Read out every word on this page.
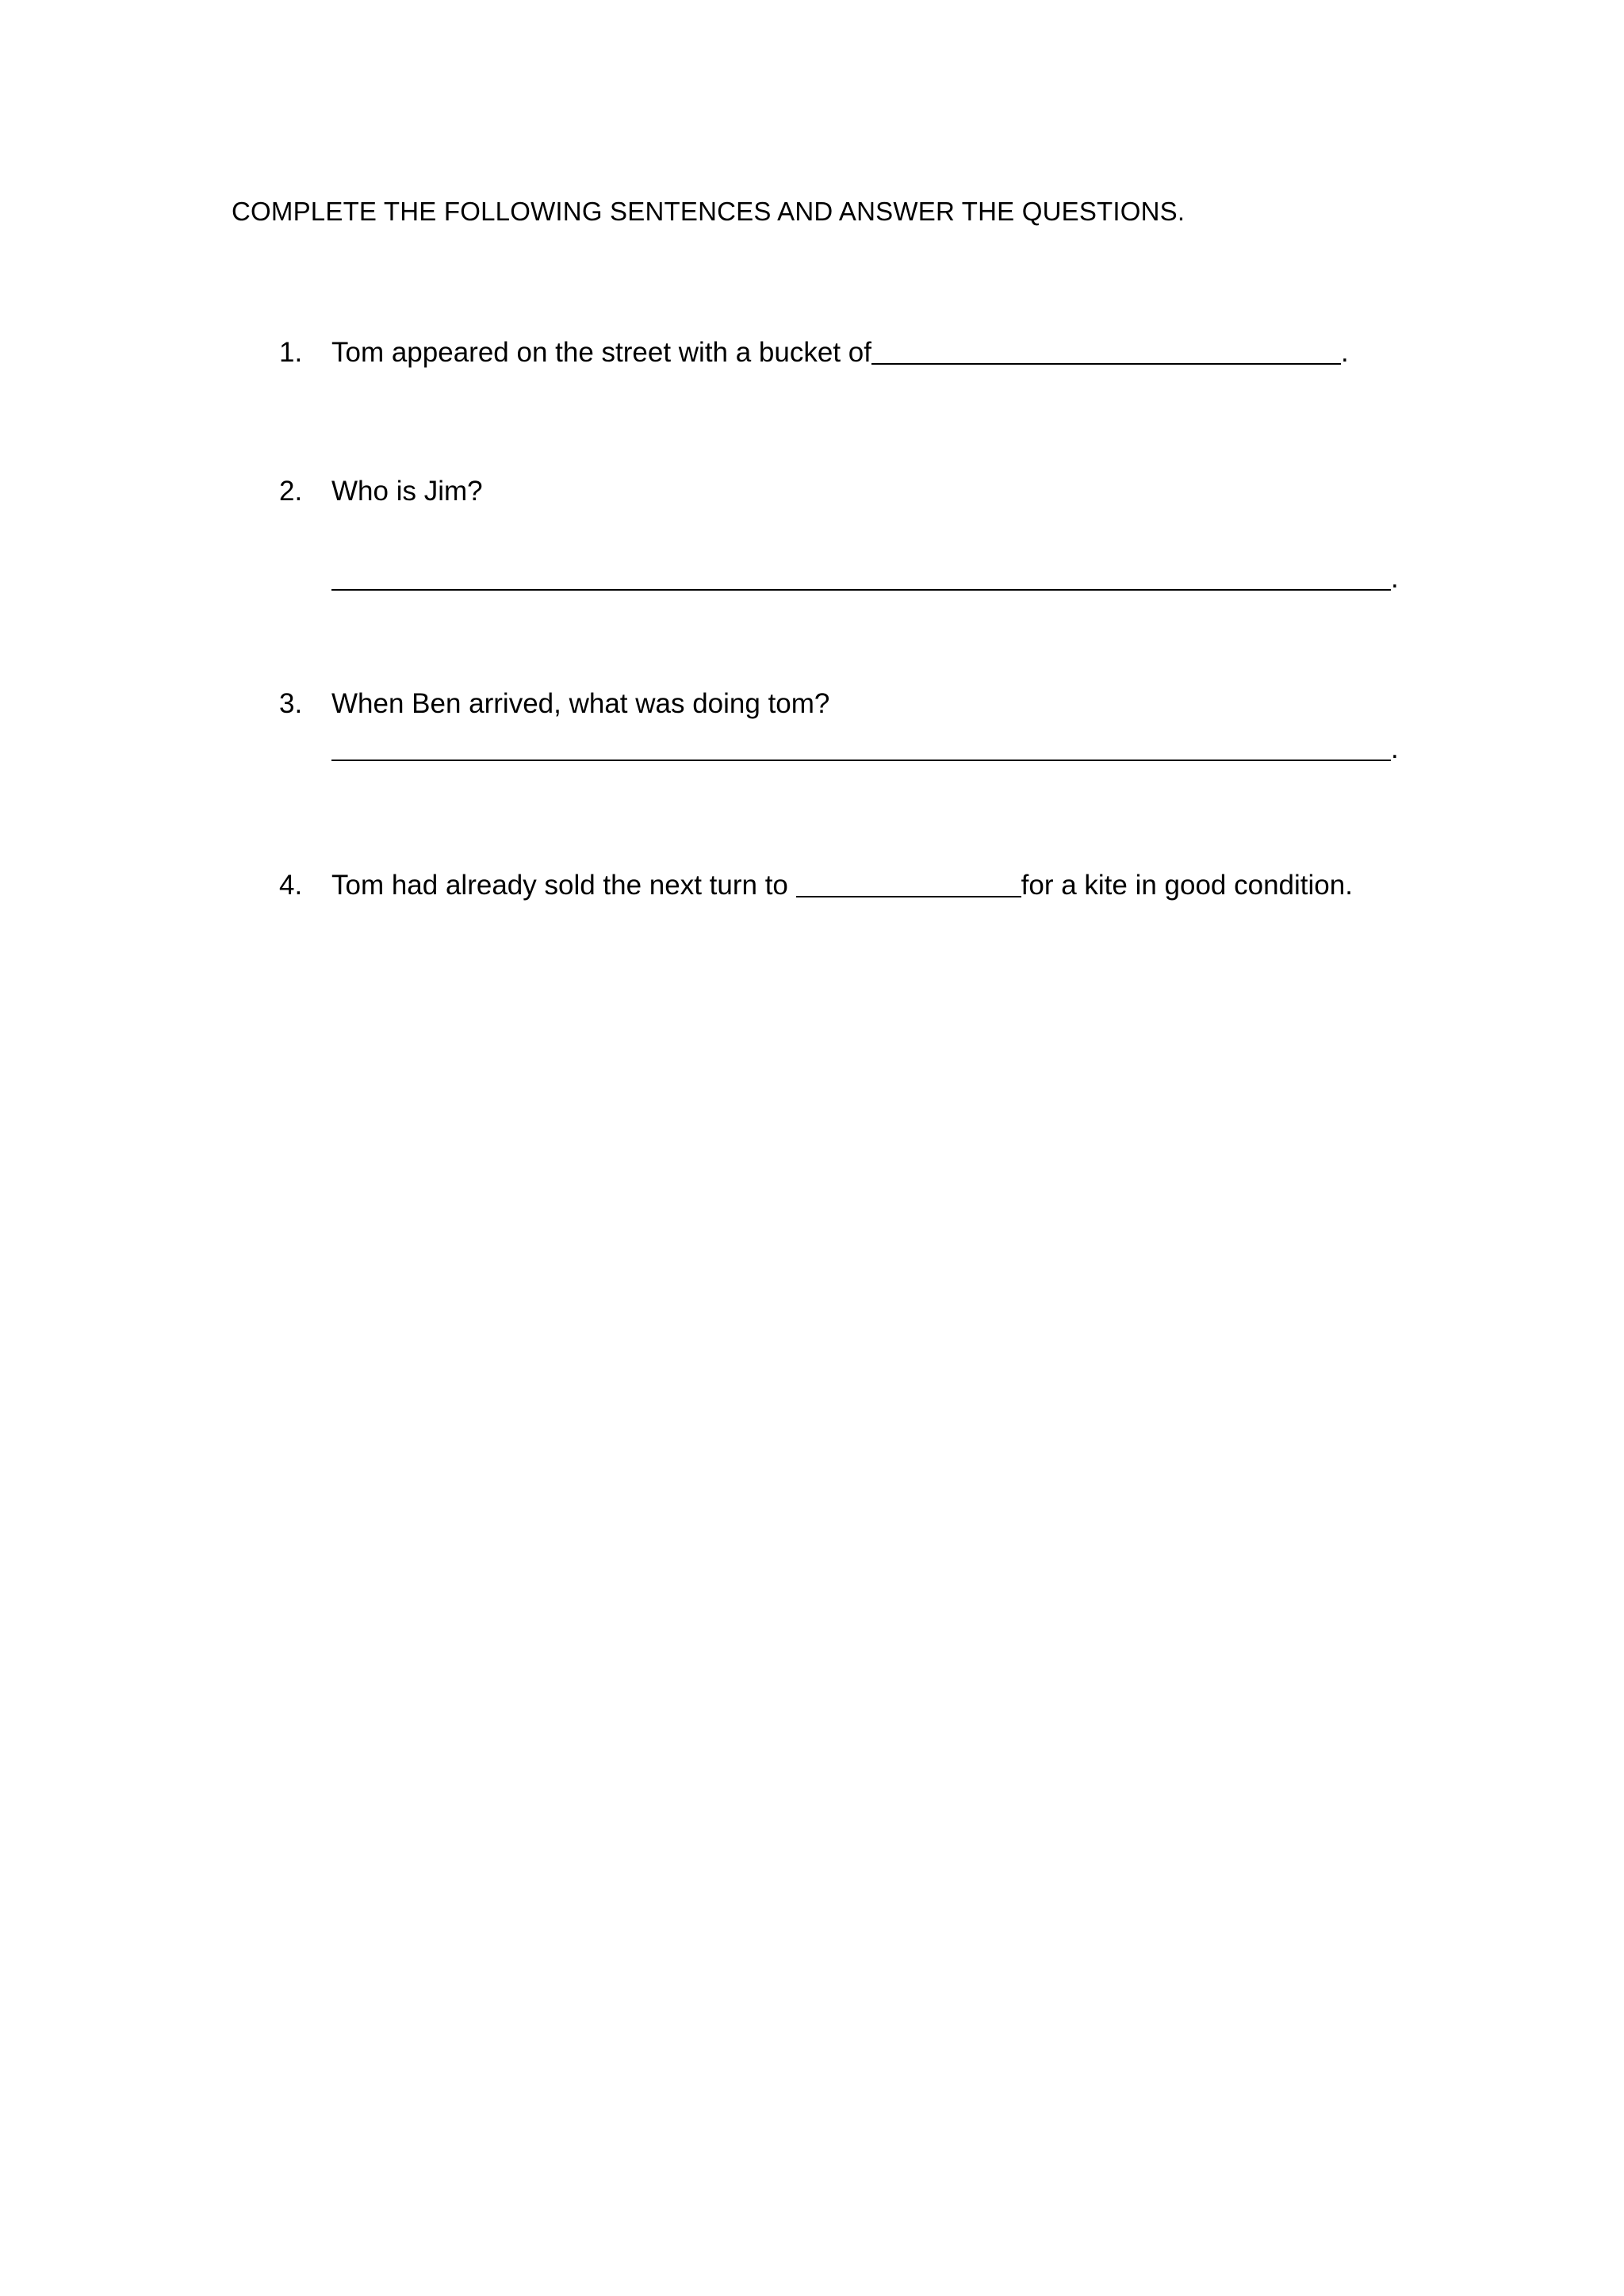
COMPLETE THE FOLLOWING SENTENCES AND ANSWER THE QUESTIONS.
1. Tom appeared on the street with a bucket of	.
2. Who is Jim?
.
3. When Ben arrived, what was doing tom?
.
4. Tom had already sold the next turn to	for a kite in good condition.
